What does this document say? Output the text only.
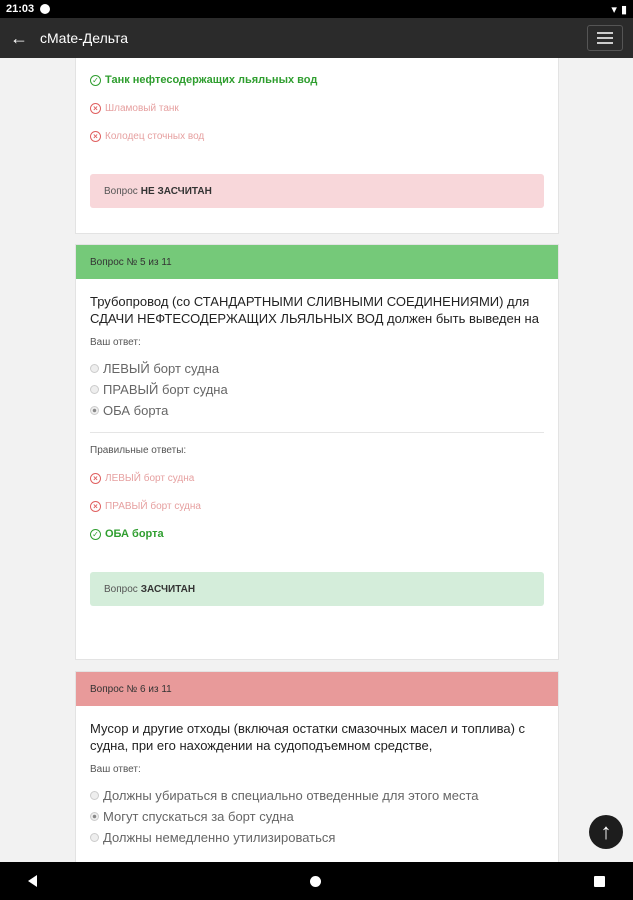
21:03	▾ ▮
← cMate-Дельта
✓ Танк нефтесодержащих льяльных вод
× Шламовый танк
× Колодец сточных вод
Вопрос НЕ ЗАСЧИТАН
Вопрос № 5 из 11
Трубопровод (со СТАНДАРТНЫМИ СЛИВНЫМИ СОЕДИНЕНИЯМИ) для СДАЧИ НЕФТЕСОДЕРЖАЩИХ ЛЬЯЛЬНЫХ ВОД должен быть выведен на
Ваш ответ:
ЛЕВЫЙ борт судна
ПРАВЫЙ борт судна
ОБА борта
Правильные ответы:
× ЛЕВЫЙ борт судна
× ПРАВЫЙ борт судна
✓ ОБА борта
Вопрос ЗАСЧИТАН
Вопрос № 6 из 11
Мусор и другие отходы (включая остатки смазочных масел и топлива) с судна, при его нахождении на судоподъемном средстве,
Ваш ответ:
Должны убираться в специально отведенные для этого места
Могут спускаться за борт судна
Должны немедленно утилизироваться	↑
